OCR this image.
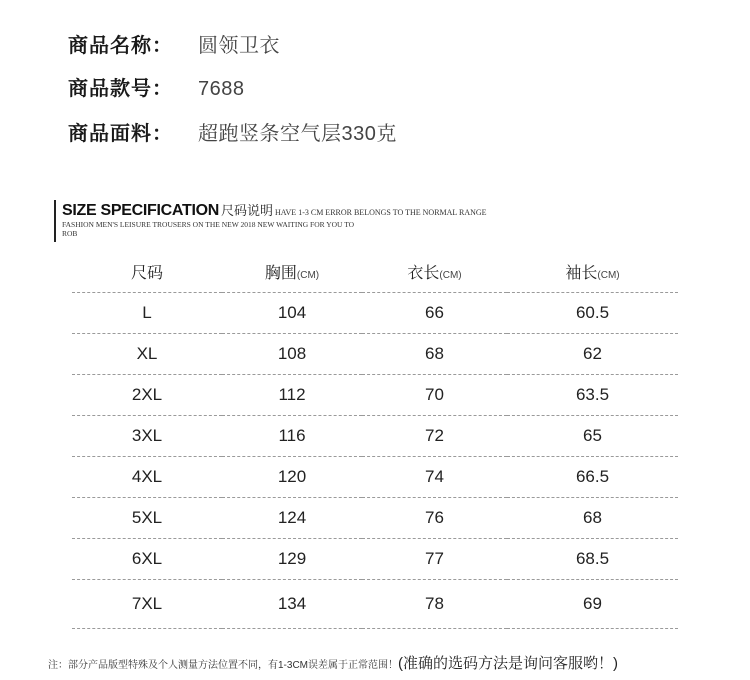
商品名称： 圆领卫衣
商品款号： 7688
商品面料： 超跑竖条空气层330克
SIZE SPECIFICATION 尺码说明 HAVE 1-3 CM ERROR BELONGS TO THE NORMAL RANGE
FASHION MEN'S LEISURE TROUSERS ON THE NEW 2018 NEW WAITING FOR YOU TO ROB
尺码	胸围(CM)	衣长(CM)	袖长(CM)
L	104	66	60.5
XL	108	68	62
2XL	112	70	63.5
3XL	116	72	65
4XL	120	74	66.5
5XL	124	76	68
6XL	129	77	68.5
7XL	134	78	69
注：部分产品版型特殊及个人测量方法位置不同，有1-3CM误差属于正常范围！(准确的选码方法是询问客服哟！)
